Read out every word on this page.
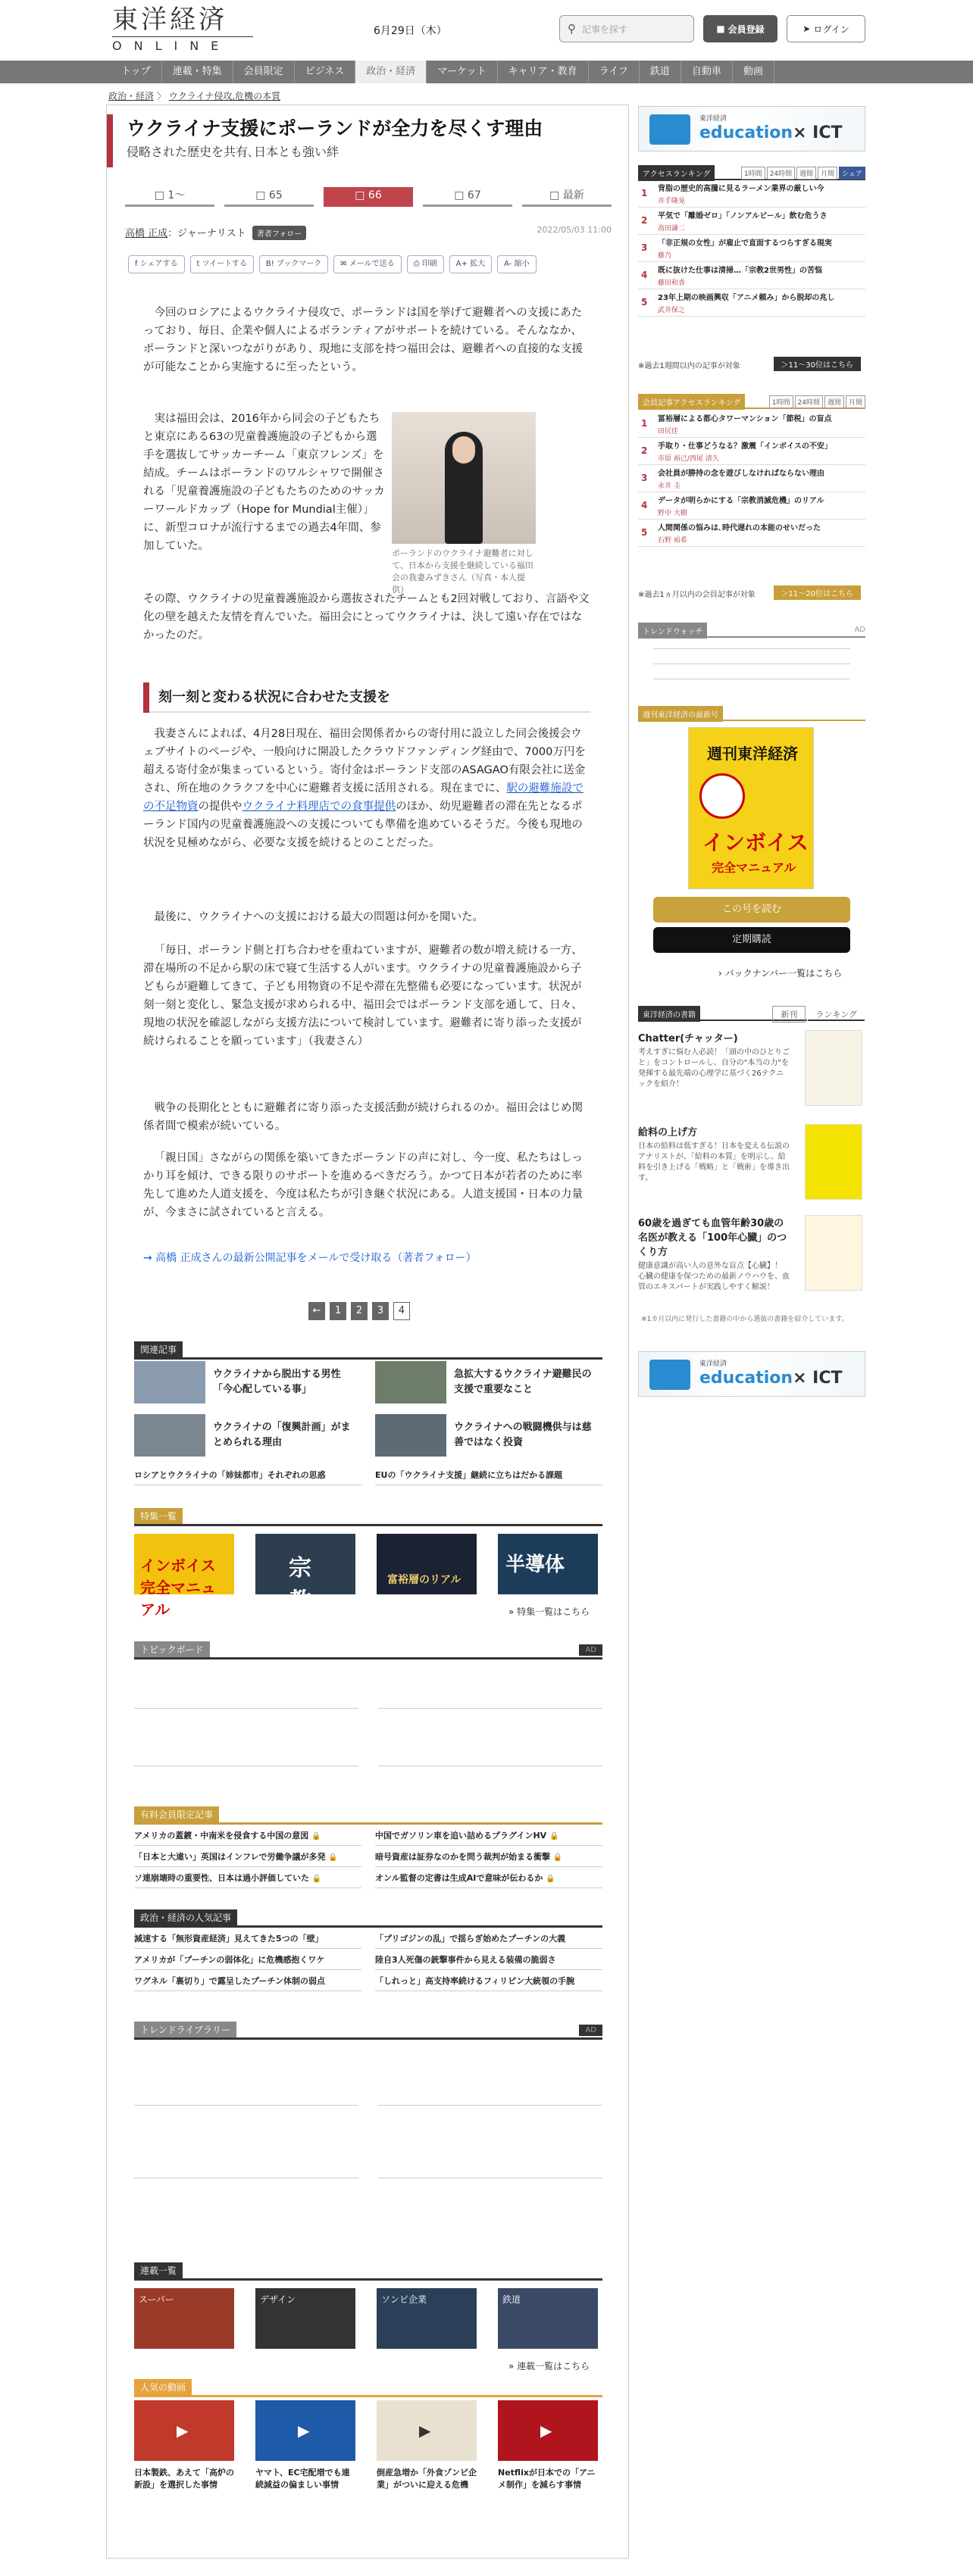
東洋経済
ONLINE
6月29日（木）	⚲ 記事を探す	■ 会員登録	➤ ログイン
トップ	連載・特集	会員限定	ビジネス	政治・経済	マーケット	キャリア・教育	ライフ	鉄道	自動車	動画
政治・経済 〉 ウクライナ侵攻,危機の本質
ウクライナ支援にポーランドが全力を尽くす理由
侵略された歴史を共有､日本とも強い絆
□ 1〜	□ 65	□ 66	□ 67	□ 最新
高橋 正成：ジャーナリスト 著者フォロー	2022/05/03 11:00
f シェアする	t ツイートする	B! ブックマーク	✉ メールで送る	⎙ 印刷	A+ 拡大	A- 縮小

今回のロシアによるウクライナ侵攻で、ポーランドは国を挙げて避難者への支援にあたっており、毎日、企業や個人によるボランティアがサポートを続けている。そんななか、ポーランドと深いつながりがあり、現地に支部を持つ福田会は、避難者への直接的な支援が可能なことから実施するに至ったという。

実は福田会は、2016年から同会の子どもたちと東京にある63の児童養護施設の子どもから選手を選抜してサッカーチーム「東京フレンズ」を結成。チームはポーランドのワルシャワで開催される「児童養護施設の子どもたちのためのサッカーワールドカップ（Hope for Mundial主催）」に、新型コロナが流行するまでの過去4年間、参加していた。

ポーランドのウクライナ避難者に対して、日本から支援を継続している福田会の我妻みずきさん（写真・本人提供）

その際、ウクライナの児童養護施設から選抜されたチームとも2回対戦しており、言語や文化の壁を越えた友情を育んでいた。福田会にとってウクライナは、決して遠い存在ではなかったのだ。

刻一刻と変わる状況に合わせた支援を

我妻さんによれば、4月28日現在、福田会関係者からの寄付用に設立した同会後援会ウェブサイトのページや、一般向けに開設したクラウドファンディング経由で、7000万円を超える寄付金が集まっているという。寄付金はポーランド支部のASAGAO有限会社に送金され、所在地のクラクフを中心に避難者支援に活用される。現在までに、駅の避難施設での不足物資の提供やウクライナ料理店での食事提供のほか、幼児避難者の滞在先となるポーランド国内の児童養護施設への支援についても準備を進めているそうだ。今後も現地の状況を見極めながら、必要な支援を続けるとのことだった。

最後に、ウクライナへの支援における最大の問題は何かを聞いた。

「毎日、ポーランド側と打ち合わせを重ねていますが、避難者の数が増え続ける一方、滞在場所の不足から駅の床で寝て生活する人がいます。ウクライナの児童養護施設から子どもらが避難してきて、子ども用物資の不足や滞在先整備も必要になっています。状況が刻一刻と変化し、緊急支援が求められる中、福田会ではポーランド支部を通して、日々、現地の状況を確認しながら支援方法について検討しています。避難者に寄り添った支援が続けられることを願っています」（我妻さん）

戦争の長期化とともに避難者に寄り添った支援活動が続けられるのか。福田会はじめ関係者間で模索が続いている。

「親日国」さながらの関係を築いてきたポーランドの声に対し、今一度、私たちはしっかり耳を傾け、できる限りのサポートを進めるべきだろう。かつて日本が若者のために率先して進めた人道支援を、今度は私たちが引き継ぐ状況にある。人道支援国・日本の力量が、今まさに試されていると言える。

→ 高橋 正成さんの最新公開記事をメールで受け取る（著者フォロー）
←	1	2	3	4
関連記事
ウクライナから脱出する男性「今心配している事」
急拡大するウクライナ避難民の支援で重要なこと
ウクライナの「復興計画」がまとめられる理由
ウクライナへの戦闘機供与は慈善ではなく投資
ロシアとウクライナの「姉妹都市」それぞれの思惑	EUの「ウクライナ支援」継続に立ちはだかる課題
特集一覧
インボイス完全マニュアル
宗教
富裕層のリアル
半導体
» 特集一覧はこちら
トピックボード	AD
有料会員限定記事
アメリカの蓋鍍・中南米を侵食する中国の意図 🔒	中国でガソリン車を追い詰めるプラグインHV 🔒
「日本と大違い」英国はインフレで労働争議が多発 🔒	暗号資産は証券なのかを問う裁判が始まる衝撃 🔒
ソ連崩壊時の重要性、日本は過小評価していた 🔒	オンル監督の定書は生成AIで意味が伝わるか 🔒
政治・経済の人気記事
減速する「無形資産経済」見えてきた5つの「壁」	「プリゴジンの乱」で揺らぎ始めたプーチンの大義
アメリカが「プーチンの弱体化」に危機感抱くワケ	陸自3人死傷の銃撃事件から見える装備の脆弱さ
ワグネル「裏切り」で露呈したプーチン体制の弱点	「しれっと」高支持率続けるフィリピン大統領の手腕
トレンドライブラリー	AD
連載一覧
スーパー	デザイン	ソンビ企業	鉄道
» 連載一覧はこちら
人気の動画
▶	▶	▶	▶
日本製鉄、あえて「高炉の新設」を選択した事情
ヤマト、EC宅配増でも連続減益の偏ましい事情
倒産急増か「外食ゾンビ企業」がついに迎える危機
Netflixが日本での「アニメ制作」を減らす事情
東洋経済
education× ICT
アクセスランキング	1時間	24時間	週間	月間	シェア
1 背脂の歴史的高騰に見るラーメン業界の厳しい今
井手隆晃
2 平気で「離婚ゼロ」「ノンアルビール」飲む危うさ
高田謙二
3 「非正規の女性」が雇止で直面するつらすぎる現実
藤乃
4 既に抜けた仕事は清掃…「宗教2世男性」の苦悩
藤田和香
5 23年上期の映画興収「アニメ頼み」から脱却の兆し
武井保之
※過去1週間以内の記事が対象	＞11〜30位はこちら
会員記事アクセスランキング	1時間	24時間	週間	月間
1 冨裕層による都心タワーマンション「節税」の盲点
田尻佳
2 手取り・仕事どうなる？激震「インボイスの不安」
市原 裕己/西尾 清久
3 会社員が勝持の念を遊びしなければならない理由
永井 圭
4 データが明らかにする「宗教消滅危機」のリアル
野中 大樹
5 人間関係の悩みは､時代遅れの本能のせいだった
石野 裕希
※過去1ヵ月以内の会員記事が対象	＞11〜20位はこちら
トレンドウォッチ	AD
週刊東洋経済の最新号
週刊東洋経済
インボイス
完全マニュアル
この号を読む
定期購読
› バックナンバー一覧はこちら
東洋経済の書籍	新刊	ランキング
Chatter(チャッター)
考えすぎに悩む人必読！「頭の中のひとりごと」をコントロールし、自分の"本当の力"を発揮する最先端の心理学に基づく26テクニックを紹介！
給料の上げ方
日本の給料は低すぎる！日本を変える伝説のアナリストが、「給料の本質」を明示し、給料を引き上げる「戦略」と「戦術」を導き出す。
60歳を過ぎても血管年齢30歳の名医が教える「100年心臓」のつくり方
健康意識が高い人の意外な盲点【心臓】！ 心臓の健康を保つための最新ノウハウを、血管のエキスパートが実践しやすく解説！
※1カ月以内に発行した書籍の中から選抜の書籍を紹介しています。
東洋経済
education× ICT
